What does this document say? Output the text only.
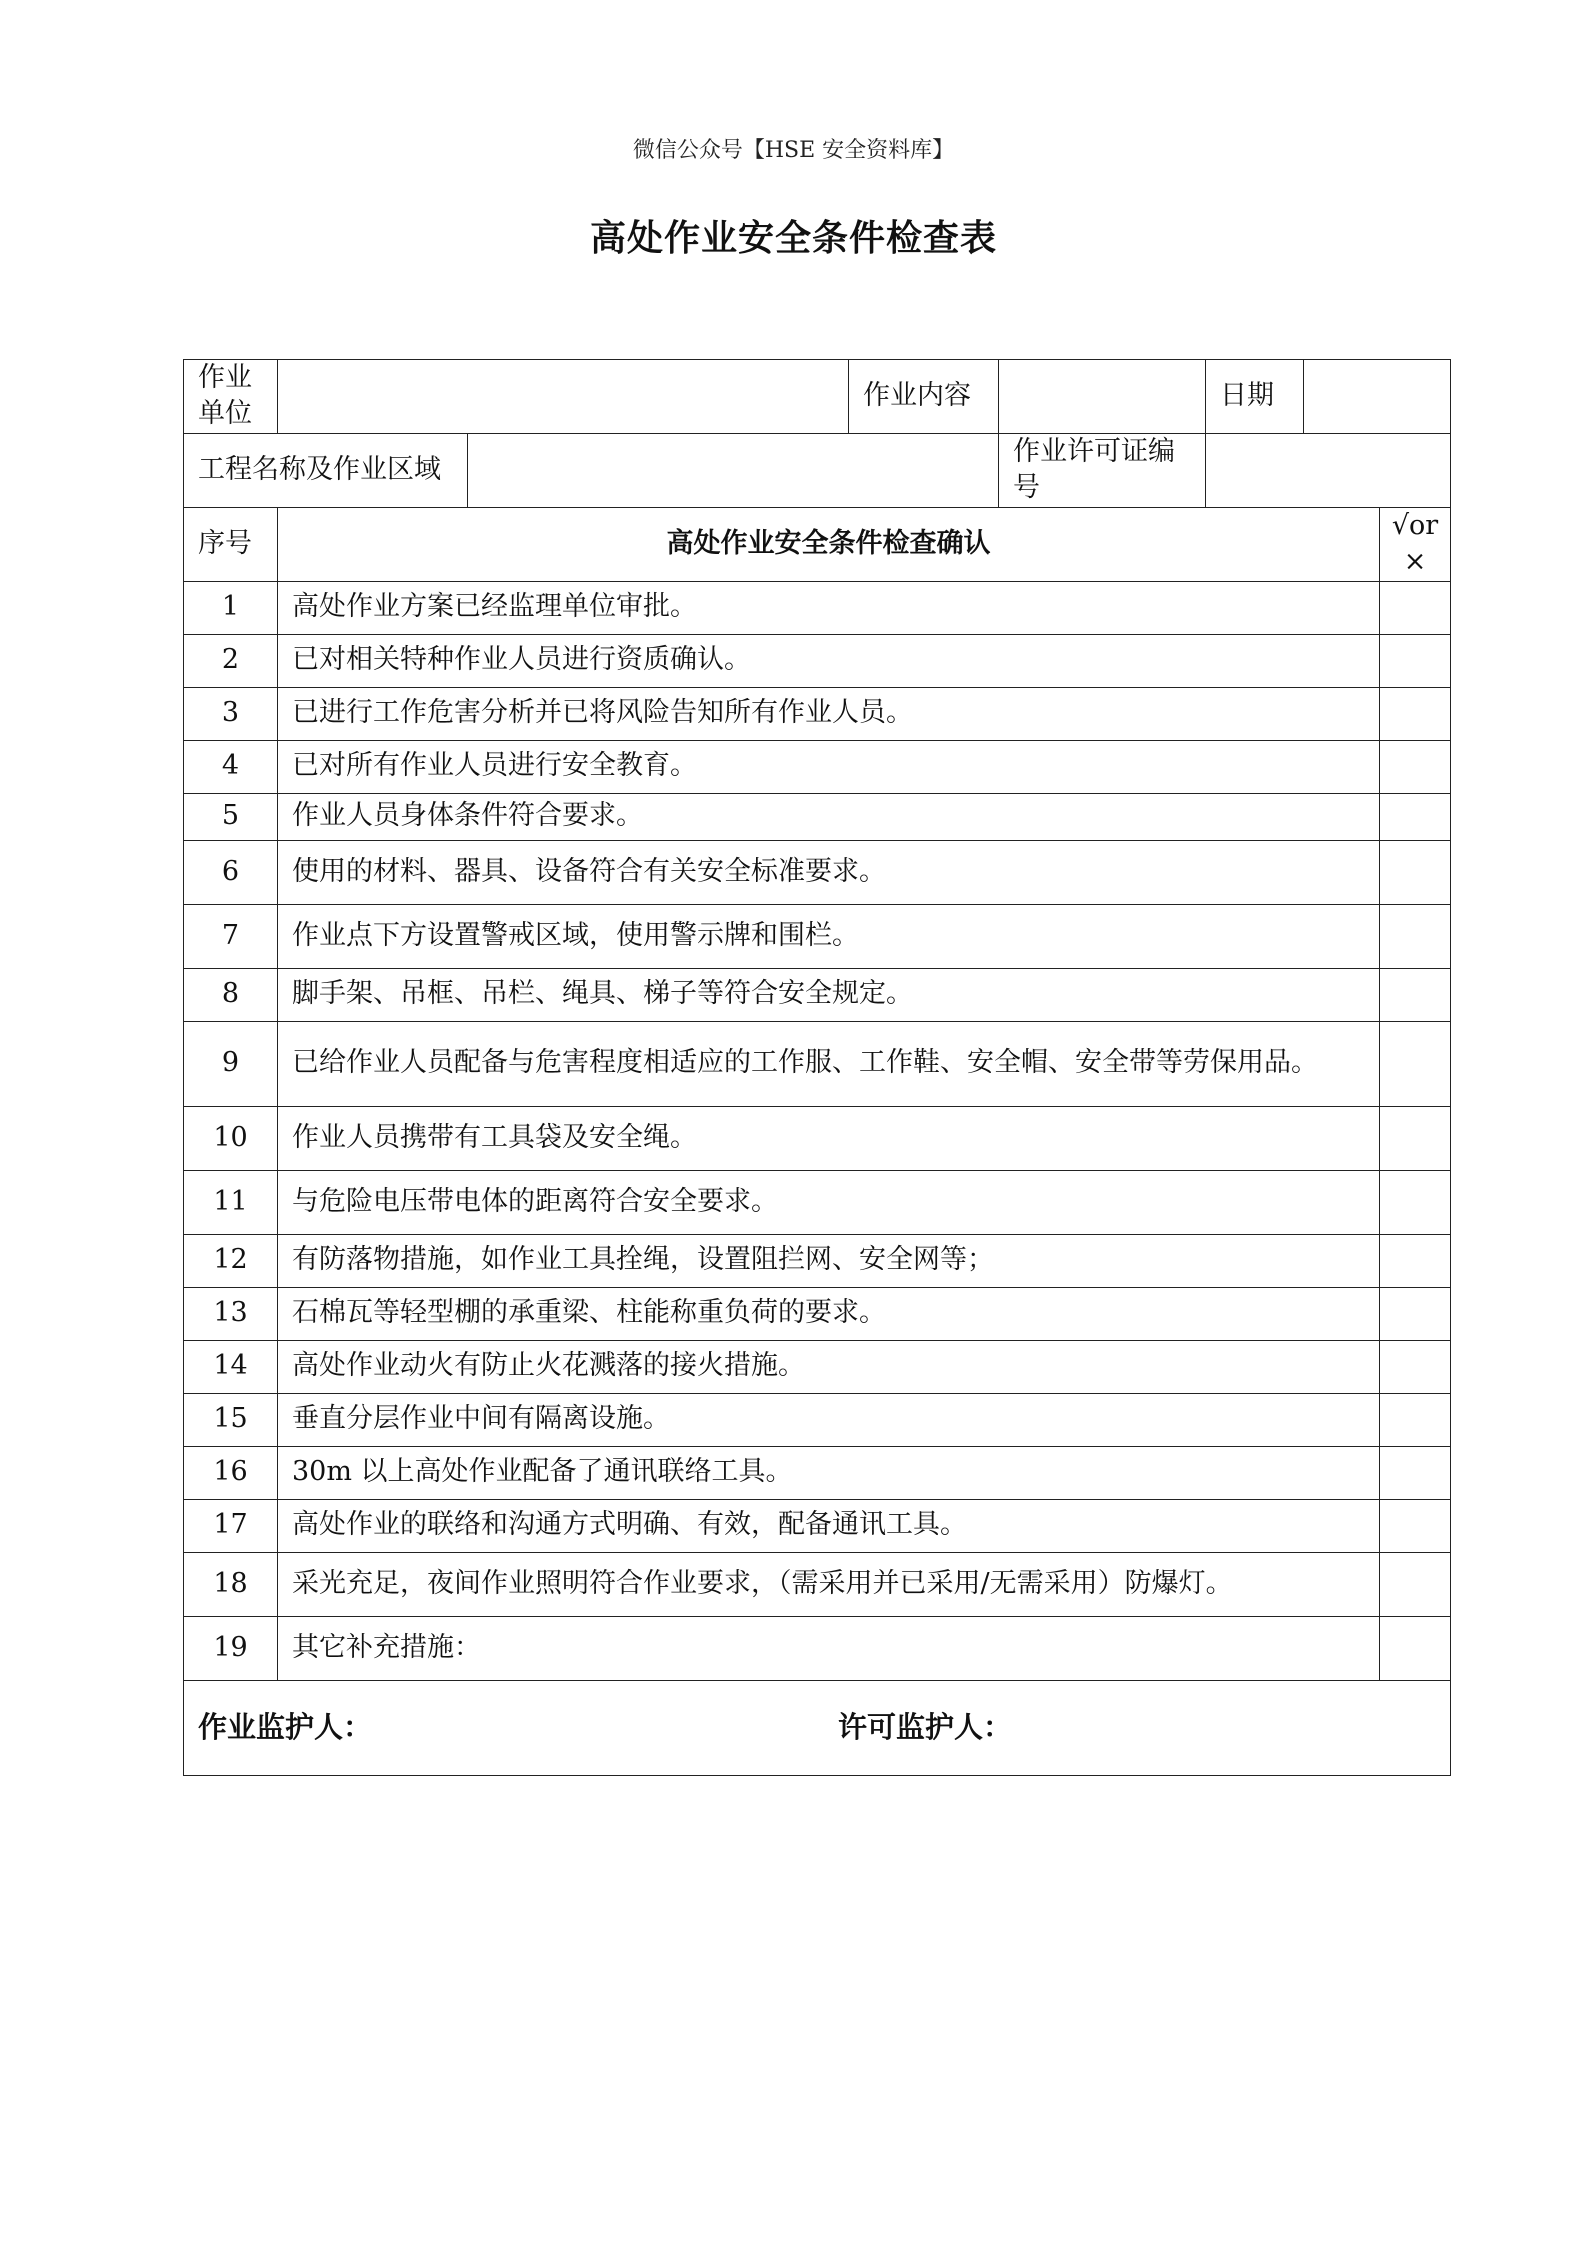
微信公众号【HSE 安全资料库】
高处作业安全条件检查表
作业单位			作业内容		日期		
工程名称及作业区域				作业许可证编号			
序号	高处作业安全条件检查确认						√or ×
1	高处作业方案已经监理单位审批。						
2	已对相关特种作业人员进行资质确认。						
3	已进行工作危害分析并已将风险告知所有作业人员。						
4	已对所有作业人员进行安全教育。						
5	作业人员身体条件符合要求。						
6	使用的材料、器具、设备符合有关安全标准要求。						
7	作业点下方设置警戒区域，使用警示牌和围栏。						
8	脚手架、吊框、吊栏、绳具、梯子等符合安全规定。						
9	已给作业人员配备与危害程度相适应的工作服、工作鞋、安全帽、安全带等劳保用品。						
10	作业人员携带有工具袋及安全绳。						
11	与危险电压带电体的距离符合安全要求。						
12	有防落物措施，如作业工具拴绳，设置阻拦网、安全网等；						
13	石棉瓦等轻型棚的承重梁、柱能称重负荷的要求。						
14	高处作业动火有防止火花溅落的接火措施。						
15	垂直分层作业中间有隔离设施。						
16	30m 以上高处作业配备了通讯联络工具。						
17	高处作业的联络和沟通方式明确、有效，配备通讯工具。						
18	采光充足，夜间作业照明符合作业要求，（需采用并已采用/无需采用）防爆灯。						
19	其它补充措施：						

作业监护人： 许可监护人：							
